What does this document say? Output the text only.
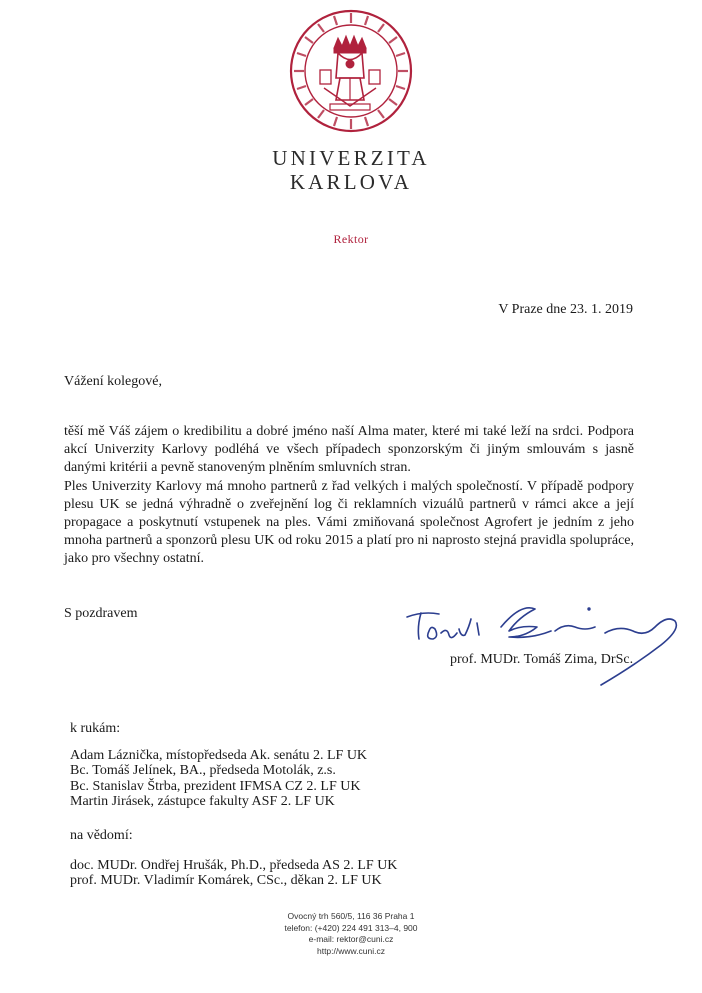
UNIVERZITA
KARLOVA
Rektor
V Praze dne 23. 1. 2019
Vážení kolegové,
těší mě Váš zájem o kredibilitu a dobré jméno naší Alma mater, které mi také leží na srdci. Podpora akcí Univerzity Karlovy podléhá ve všech případech sponzorským či jiným smlouvám s jasně danými kritérii a pevně stanoveným plněním smluvních stran.
Ples Univerzity Karlovy má mnoho partnerů z řad velkých i malých společností. V případě podpory plesu UK se jedná výhradně o zveřejnění log či reklamních vizuálů partnerů v rámci akce a její propagace a poskytnutí vstupenek na ples. Vámi zmiňovaná společnost Agrofert je jedním z jeho mnoha partnerů a sponzorů plesu UK od roku 2015 a platí pro ni naprosto stejná pravidla spolupráce, jako pro všechny ostatní.
S pozdravem
prof. MUDr. Tomáš Zima, DrSc.
k rukám:
Adam Láznička, místopředseda Ak. senátu 2. LF UK
Bc. Tomáš Jelínek, BA., předseda Motolák, z.s.
Bc. Stanislav Štrba, prezident IFMSA CZ 2. LF UK
Martin Jirásek, zástupce fakulty ASF 2. LF UK
na vědomí:
doc. MUDr. Ondřej Hrušák, Ph.D., předseda AS 2. LF UK
prof. MUDr. Vladimír Komárek, CSc., děkan 2. LF UK
Ovocný trh 560/5, 116 36 Praha 1
telefon: (+420) 224 491 313–4, 900
e-mail: rektor@cuni.cz
http://www.cuni.cz
